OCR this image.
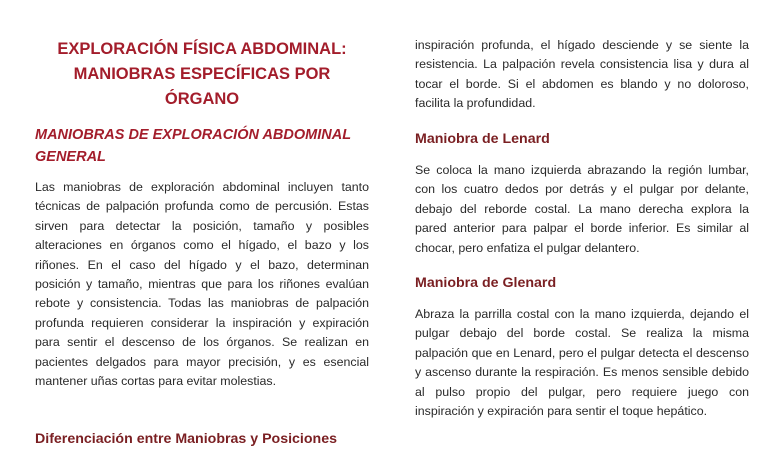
EXPLORACIÓN FÍSICA ABDOMINAL: MANIOBRAS ESPECÍFICAS POR ÓRGANO
MANIOBRAS DE EXPLORACIÓN ABDOMINAL GENERAL

Las maniobras de exploración abdominal incluyen tanto técnicas de palpación profunda como de percusión. Estas sirven para detectar la posición, tamaño y posibles alteraciones en órganos como el hígado, el bazo y los riñones. En el caso del hígado y el bazo, determinan posición y tamaño, mientras que para los riñones evalúan rebote y consistencia. Todas las maniobras de palpación profunda requieren considerar la inspiración y expiración para sentir el descenso de los órganos. Se realizan en pacientes delgados para mayor precisión, y es esencial mantener uñas cortas para evitar molestias.

Diferenciación entre Maniobras y Posiciones

inspiración profunda, el hígado desciende y se siente la resistencia. La palpación revela consistencia lisa y dura al tocar el borde. Si el abdomen es blando y no doloroso, facilita la profundidad.

Maniobra de Lenard

Se coloca la mano izquierda abrazando la región lumbar, con los cuatro dedos por detrás y el pulgar por delante, debajo del reborde costal. La mano derecha explora la pared anterior para palpar el borde inferior. Es similar al chocar, pero enfatiza el pulgar delantero.

Maniobra de Glenard

Abraza la parrilla costal con la mano izquierda, dejando el pulgar debajo del borde costal. Se realiza la misma palpación que en Lenard, pero el pulgar detecta el descenso y ascenso durante la respiración. Es menos sensible debido al pulso propio del pulgar, pero requiere juego con inspiración y expiración para sentir el toque hepático.
